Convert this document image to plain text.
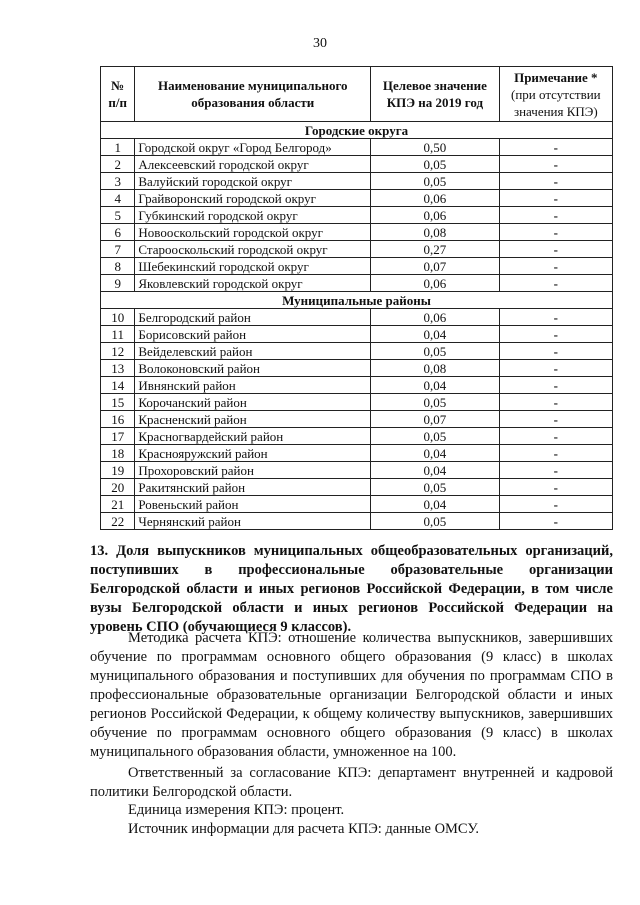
30
№ п/п	Наименование муниципального образования области	Целевое значение КПЭ на 2019 год	Примечание *
(при отсутствии значения КПЭ)
Городские округа			
1	Городской округ «Город Белгород»	0,50	-
2	Алексеевский городской округ	0,05	-
3	Валуйский городской округ	0,05	-
4	Грайворонский городской округ	0,06	-
5	Губкинский городской округ	0,06	-
6	Новооскольский городской округ	0,08	-
7	Старооскольский городской округ	0,27	-
8	Шебекинский городской округ	0,07	-
9	Яковлевский городской округ	0,06	-
Муниципальные районы			
10	Белгородский район	0,06	-
11	Борисовский район	0,04	-
12	Вейделевский район	0,05	-
13	Волоконовский район	0,08	-
14	Ивнянский район	0,04	-
15	Корочанский район	0,05	-
16	Красненский район	0,07	-
17	Красногвардейский район	0,05	-
18	Краснояружский район	0,04	-
19	Прохоровский район	0,04	-
20	Ракитянский район	0,05	-
21	Ровеньский район	0,04	-
22	Чернянский район	0,05	-
13. Доля выпускников муниципальных общеобразовательных организаций, поступивших в профессиональные образовательные организации Белгородской области и иных регионов Российской Федерации, в том числе вузы Белгородской области и иных регионов Российской Федерации на уровень СПО (обучающиеся 9 классов).
Методика расчета КПЭ: отношение количества выпускников, завершивших обучение по программам основного общего образования (9 класс) в школах муниципального образования и поступивших для обучения по программам СПО в профессиональные образовательные организации Белгородской области и иных регионов Российской Федерации, к общему количеству выпускников, завершивших обучение по программам основного общего образования (9 класс) в школах муниципального образования области, умноженное на 100.
Ответственный за согласование КПЭ: департамент внутренней и кадровой политики Белгородской области.
Единица измерения КПЭ: процент.
Источник информации для расчета КПЭ: данные ОМСУ.
